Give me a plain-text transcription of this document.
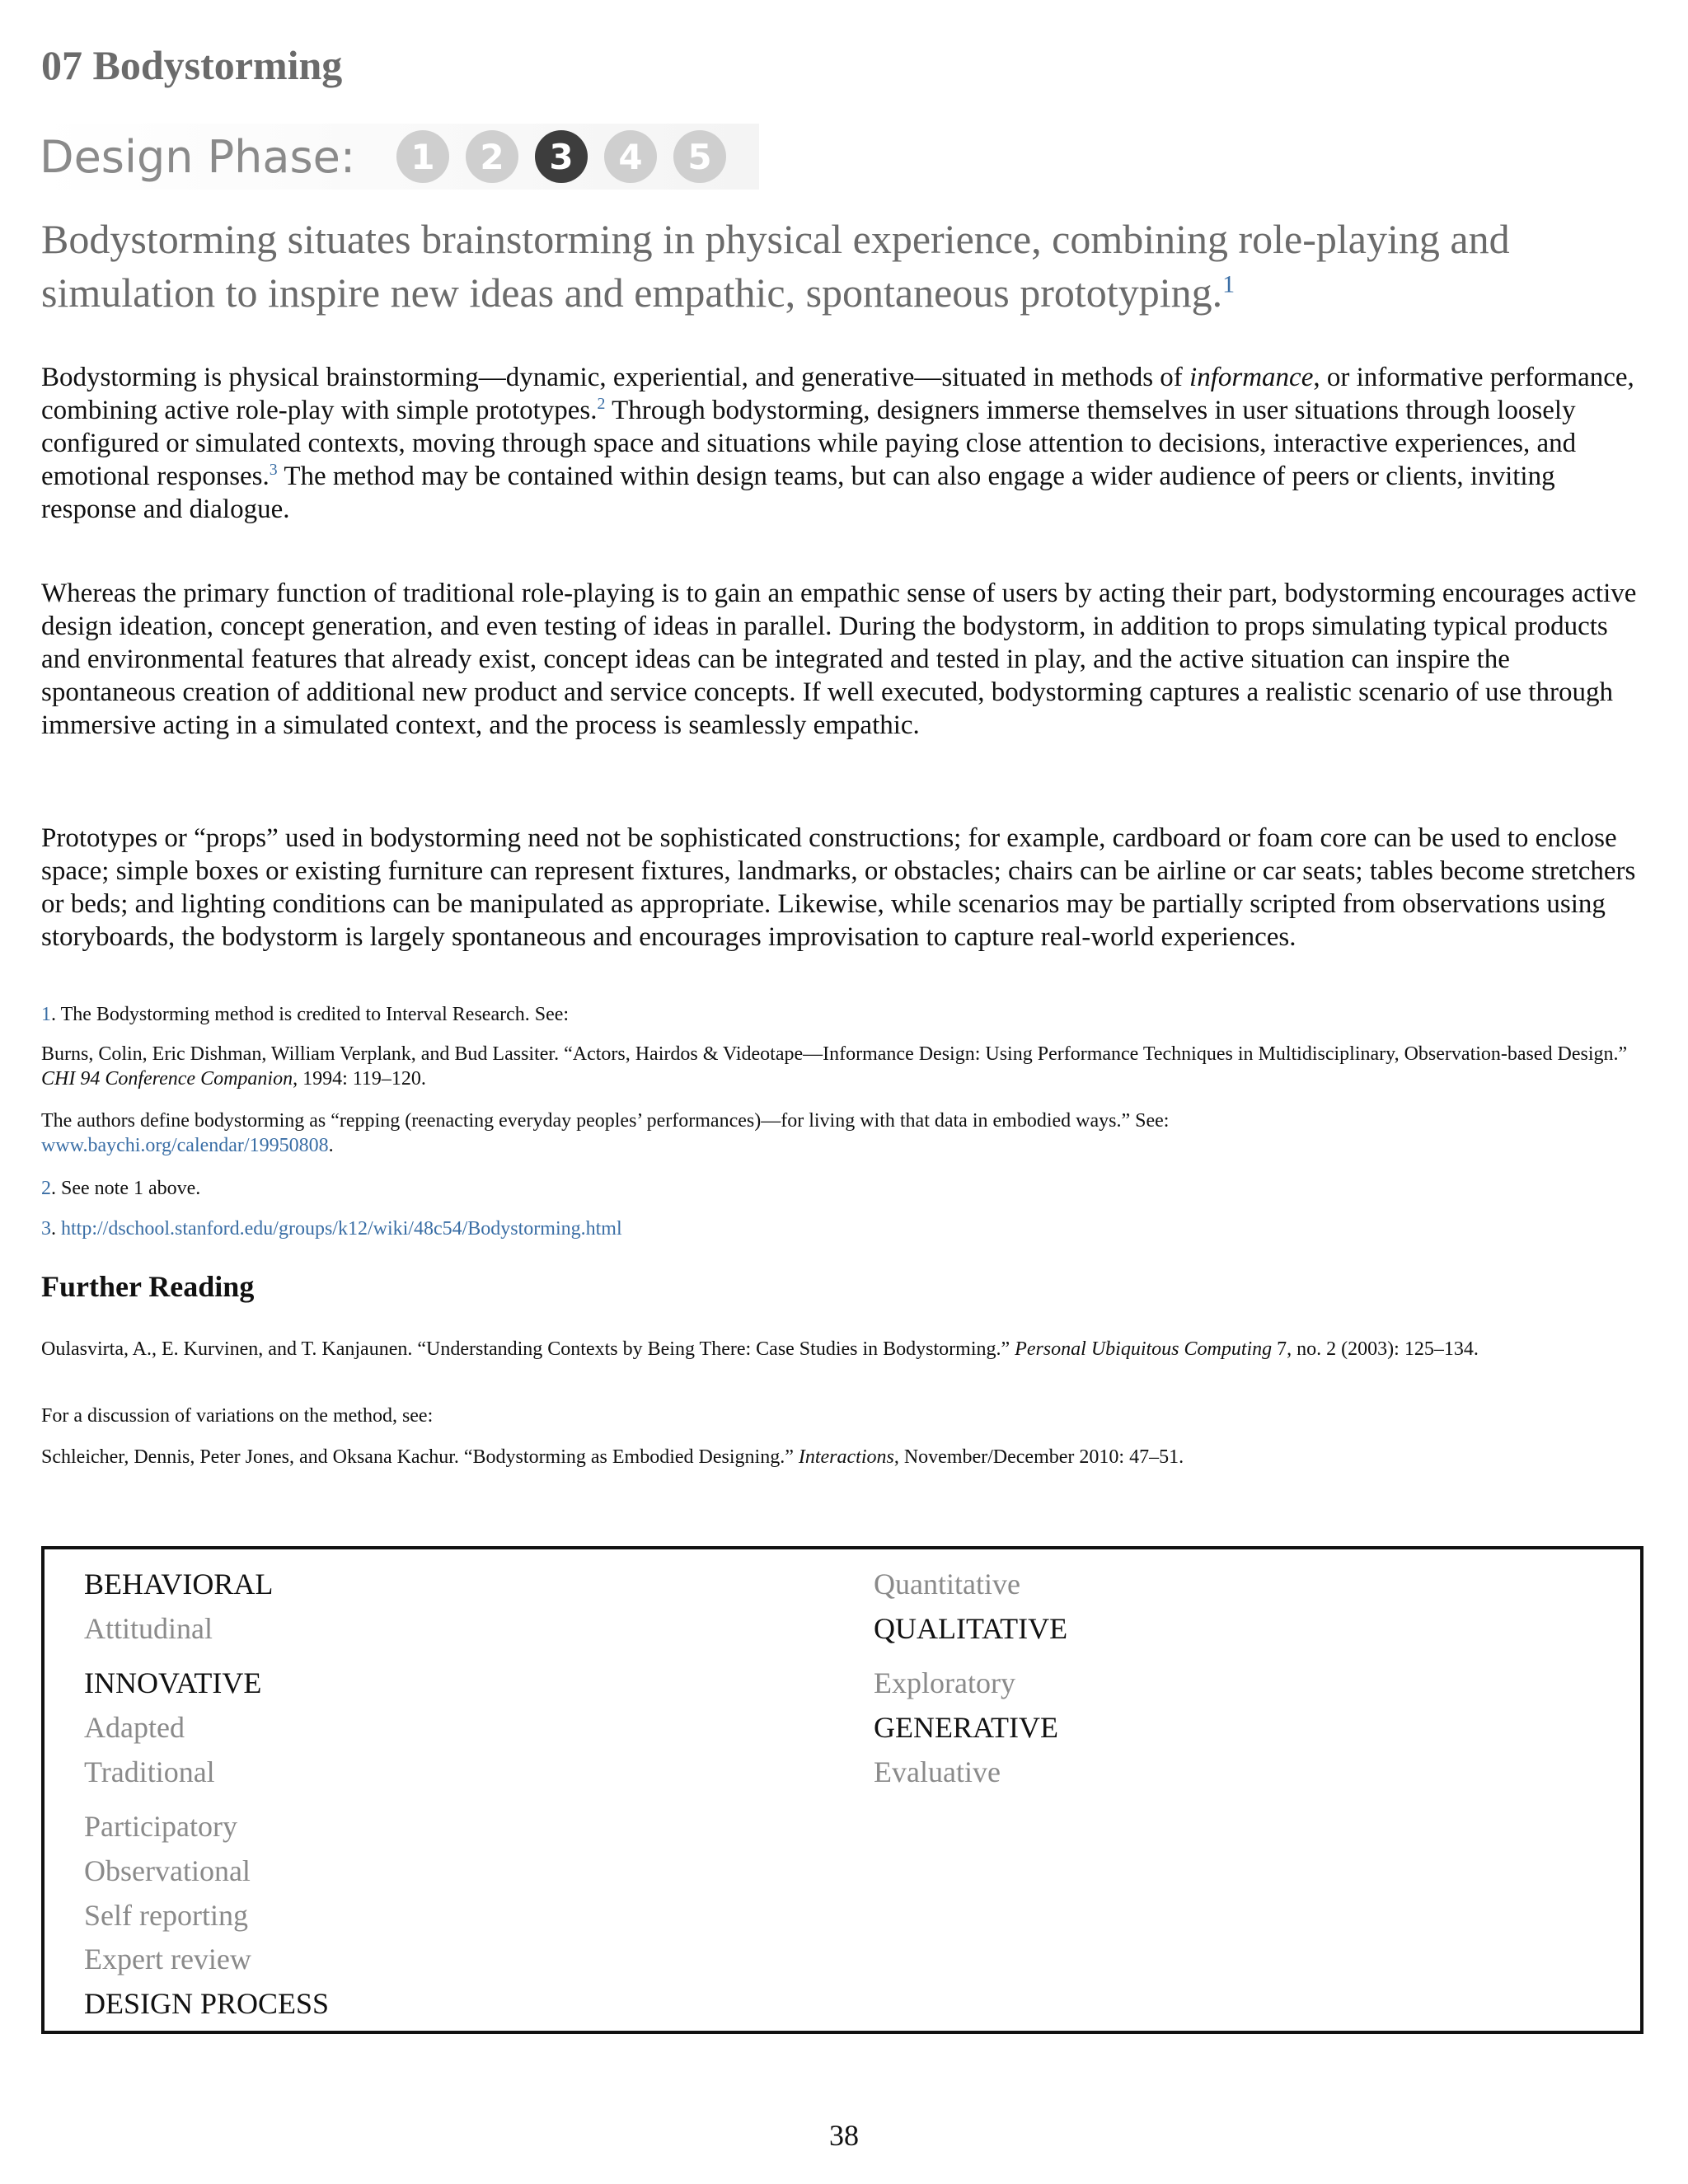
07 Bodystorming
Design Phase:	1	2	3	4	5
Bodystorming situates brainstorming in physical experience, combining role-playing and simulation to inspire new ideas and empathic, spontaneous prototyping.$^1$
Bodystorming is physical brainstorming—dynamic, experiential, and generative—situated in methods of informance, or informative performance, combining active role-play with simple prototypes.$^2$ Through bodystorming, designers immerse themselves in user situations through loosely configured or simulated contexts, moving through space and situations while paying close attention to decisions, interactive experiences, and emotional responses.$^3$ The method may be contained within design teams, but can also engage a wider audience of peers or clients, inviting response and dialogue.
Whereas the primary function of traditional role-playing is to gain an empathic sense of users by acting their part, bodystorming encourages active design ideation, concept generation, and even testing of ideas in parallel. During the bodystorm, in addition to props simulating typical products and environmental features that already exist, concept ideas can be integrated and tested in play, and the active situation can inspire the spontaneous creation of additional new product and service concepts. If well executed, bodystorming captures a realistic scenario of use through immersive acting in a simulated context, and the process is seamlessly empathic.
Prototypes or “props” used in bodystorming need not be sophisticated constructions; for example, cardboard or foam core can be used to enclose space; simple boxes or existing furniture can represent fixtures, landmarks, or obstacles; chairs can be airline or car seats; tables become stretchers or beds; and lighting conditions can be manipulated as appropriate. Likewise, while scenarios may be partially scripted from observations using storyboards, the bodystorm is largely spontaneous and encourages improvisation to capture real-world experiences.
1. The Bodystorming method is credited to Interval Research. See:
Burns, Colin, Eric Dishman, William Verplank, and Bud Lassiter. “Actors, Hairdos & Videotape—Informance Design: Using Performance Techniques in Multidisciplinary, Observation-based Design.” CHI 94 Conference Companion, 1994: 119–120.
The authors define bodystorming as “repping (reenacting everyday peoples’ performances)—for living with that data in embodied ways.” See:
www.baychi.org/calendar/19950808.
2. See note 1 above.
3. http://dschool.stanford.edu/groups/k12/wiki/48c54/Bodystorming.html
Further Reading
Oulasvirta, A., E. Kurvinen, and T. Kanjaunen. “Understanding Contexts by Being There: Case Studies in Bodystorming.” Personal Ubiquitous Computing 7, no. 2 (2003): 125–134.
For a discussion of variations on the method, see:
Schleicher, Dennis, Peter Jones, and Oksana Kachur. “Bodystorming as Embodied Designing.” Interactions, November/December 2010: 47–51.
BEHAVIORAL
Attitudinal
INNOVATIVE
Adapted
Traditional
Participatory
Observational
Self reporting
Expert review
DESIGN PROCESS
Quantitative
QUALITATIVE
Exploratory
GENERATIVE
Evaluative
38
